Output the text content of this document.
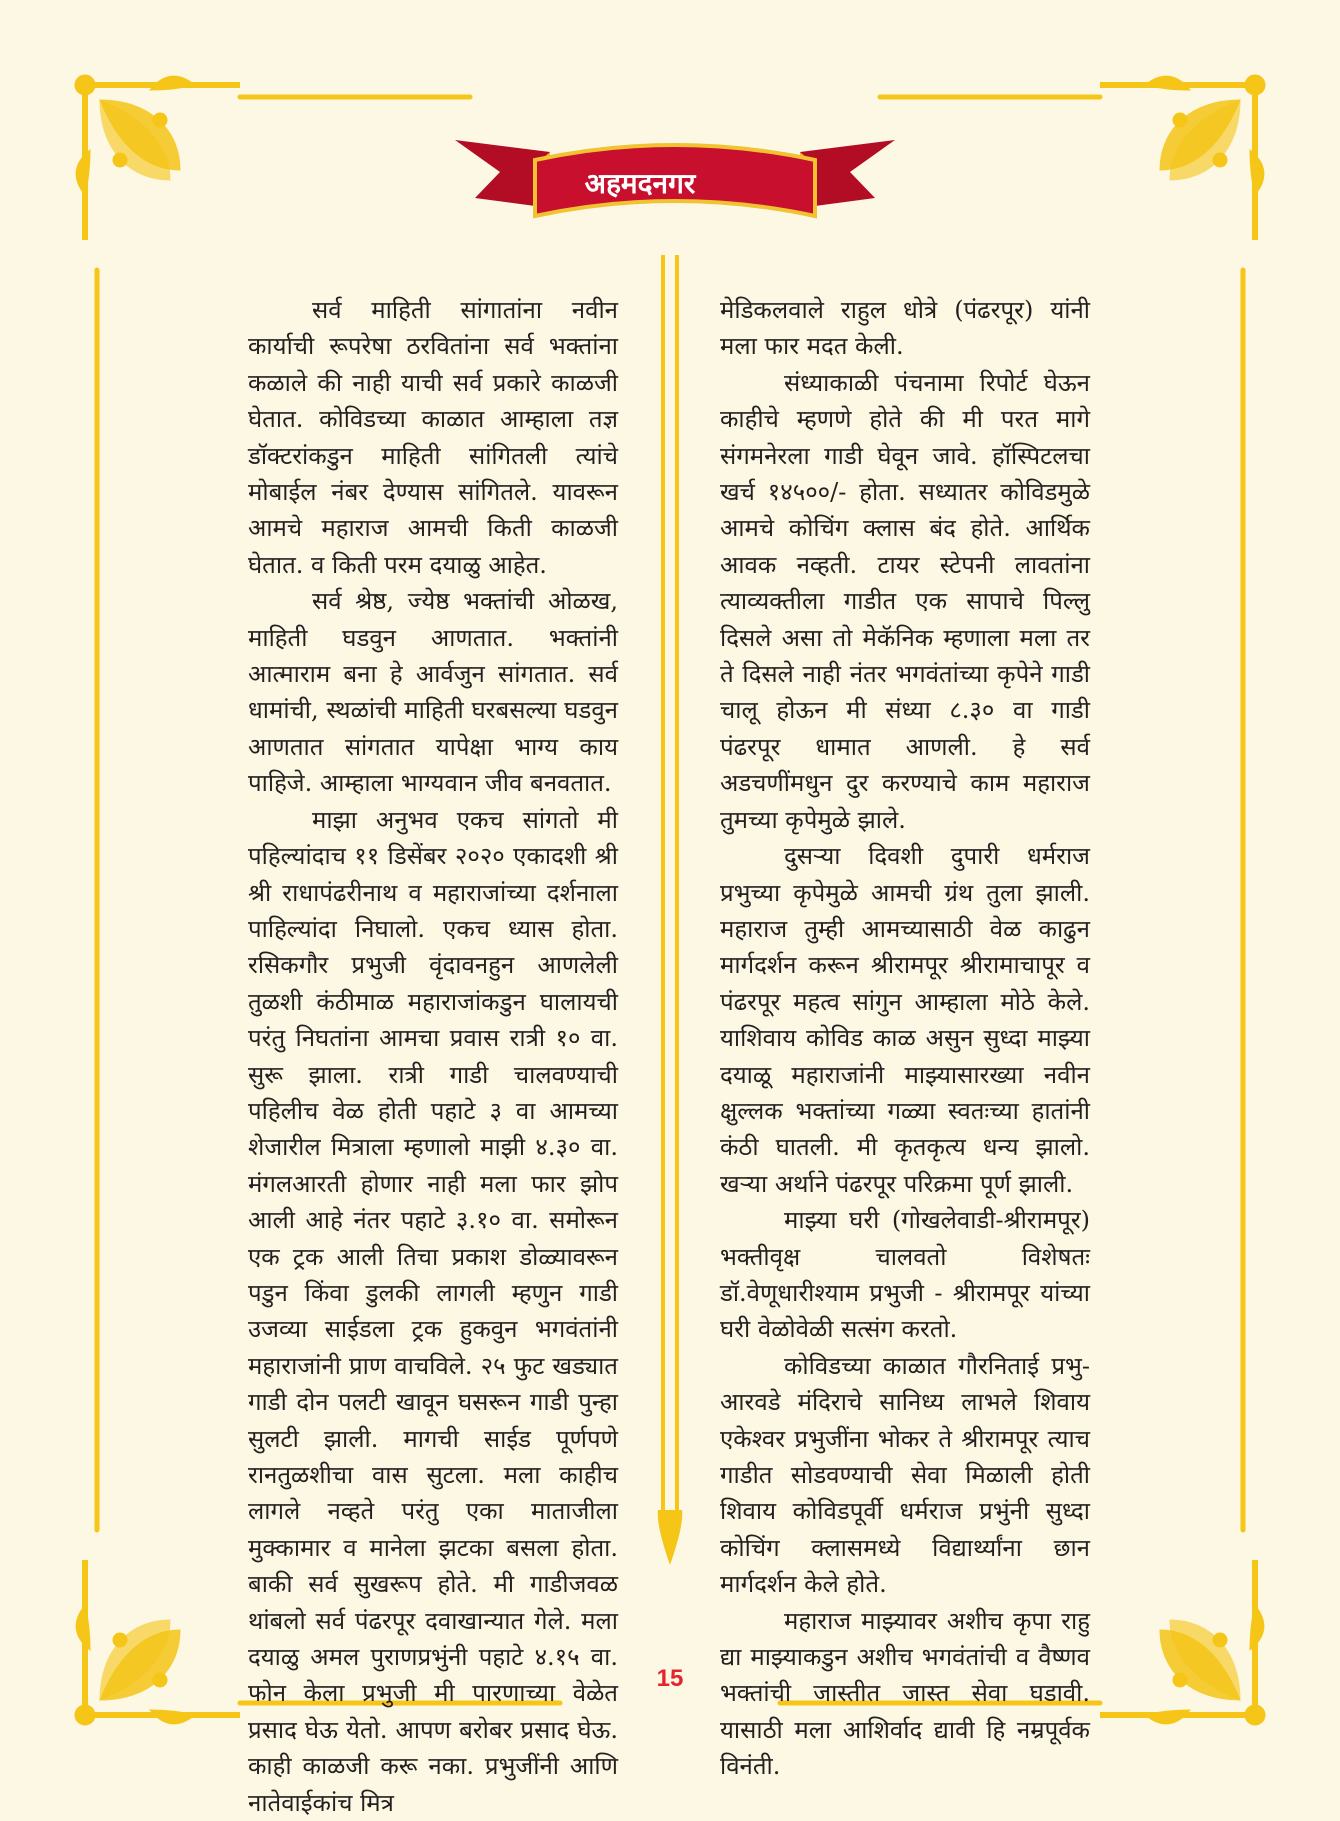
अहमदनगर

सर्व माहिती सांगातांना नवीन कार्याची रूपरेषा ठरवितांना सर्व भक्तांना कळाले की नाही याची सर्व प्रकारे काळजी घेतात. कोविडच्या काळात आम्हाला तज्ञ डॉक्टरांकडुन माहिती सांगितली त्यांचे मोबाईल नंबर देण्यास सांगितले. यावरून आमचे महाराज आमची किती काळजी घेतात. व किती परम दयाळु आहेत.

सर्व श्रेष्ठ, ज्येष्ठ भक्तांची ओळख, माहिती घडवुन आणतात. भक्तांनी आत्माराम बना हे आर्वजुन सांगतात. सर्व धामांची, स्थळांची माहिती घरबसल्या घडवुन आणतात सांगतात यापेक्षा भाग्य काय पाहिजे. आम्हाला भाग्यवान जीव बनवतात.

माझा अनुभव एकच सांगतो मी पहिल्यांदाच ११ डिसेंबर २०२० एकादशी श्री श्री राधापंढरीनाथ व महाराजांच्या दर्शनाला पाहिल्यांदा निघालो. एकच ध्यास होता. रसिकगौर प्रभुजी वृंदावनहुन आणलेली तुळशी कंठीमाळ महाराजांकडुन घालायची परंतु निघतांना आमचा प्रवास रात्री १० वा. सुरू झाला. रात्री गाडी चालवण्याची पहिलीच वेळ होती पहाटे ३ वा आमच्या शेजारील मित्राला म्हणालो माझी ४.३० वा. मंगलआरती होणार नाही मला फार झोप आली आहे नंतर पहाटे ३.१० वा. समोरून एक ट्रक आली तिचा प्रकाश डोळ्यावरून पडुन किंवा डुलकी लागली म्हणुन गाडी उजव्या साईडला ट्रक हुकवुन भगवंतांनी महाराजांनी प्राण वाचविले. २५ फुट खड्यात गाडी दोन पलटी खावून घसरून गाडी पुन्हा सुलटी झाली. मागची साईड पूर्णपणे रानतुळशीचा वास सुटला. मला काहीच लागले नव्हते परंतु एका माताजीला मुक्कामार व मानेला झटका बसला होता. बाकी सर्व सुखरूप होते. मी गाडीजवळ थांबलो सर्व पंढरपूर दवाखान्यात गेले. मला दयाळु अमल पुराणप्रभुंनी पहाटे ४.१५ वा. फोन केला प्रभुजी मी पारणाच्या वेळेत प्रसाद घेऊ येतो. आपण बरोबर प्रसाद घेऊ. काही काळजी करू नका. प्रभुजींनी आणि नातेवाईकांच मित्र

मेडिकलवाले राहुल धोत्रे (पंढरपूर) यांनी मला फार मदत केली.

संध्याकाळी पंचनामा रिपोर्ट घेऊन काहीचे म्हणणे होते की मी परत मागे संगमनेरला गाडी घेवून जावे. हॉस्पिटलचा खर्च १४५००/- होता. सध्यातर कोविडमुळे आमचे कोचिंग क्लास बंद होते. आर्थिक आवक नव्हती. टायर स्टेपनी लावतांना त्याव्यक्तीला गाडीत एक सापाचे पिल्लु दिसले असा तो मेकॅनिक म्हणाला मला तर ते दिसले नाही नंतर भगवंतांच्या कृपेने गाडी चालू होऊन मी संध्या ८.३० वा गाडी पंढरपूर धामात आणली. हे सर्व अडचणींमधुन दुर करण्याचे काम महाराज तुमच्या कृपेमुळे झाले.

दुसऱ्या दिवशी दुपारी धर्मराज प्रभुच्या कृपेमुळे आमची ग्रंथ तुला झाली. महाराज तुम्ही आमच्यासाठी वेळ काढुन मार्गदर्शन करून श्रीरामपूर श्रीरामाचापूर व पंढरपूर महत्व सांगुन आम्हाला मोठे केले. याशिवाय कोविड काळ असुन सुध्दा माझ्या दयाळू महाराजांनी माझ्यासारख्या नवीन क्षुल्लक भक्तांच्या गळ्या स्वतःच्या हातांनी कंठी घातली. मी कृतकृत्य धन्य झालो. खऱ्या अर्थाने पंढरपूर परिक्रमा पूर्ण झाली.

माझ्या घरी (गोखलेवाडी-श्रीरामपूर) भक्तीवृक्ष चालवतो विशेषतः डॉ.वेणूधारीश्याम प्रभुजी - श्रीरामपूर यांच्या घरी वेळोवेळी सत्संग करतो.

कोविडच्या काळात गौरनिताई प्रभु-आरवडे मंदिराचे सानिध्य लाभले शिवाय एकेश्वर प्रभुजींना भोकर ते श्रीरामपूर त्याच गाडीत सोडवण्याची सेवा मिळाली होती शिवाय कोविडपूर्वी धर्मराज प्रभुंनी सुध्दा कोचिंग क्लासमध्ये विद्यार्थ्यांना छान मार्गदर्शन केले होते.

महाराज माझ्यावर अशीच कृपा राहु द्या माझ्याकडुन अशीच भगवंतांची व वैष्णव भक्तांची जास्तीत जास्त सेवा घडावी. यासाठी मला आशिर्वाद द्यावी हि नम्रपूर्वक विनंती.

15
